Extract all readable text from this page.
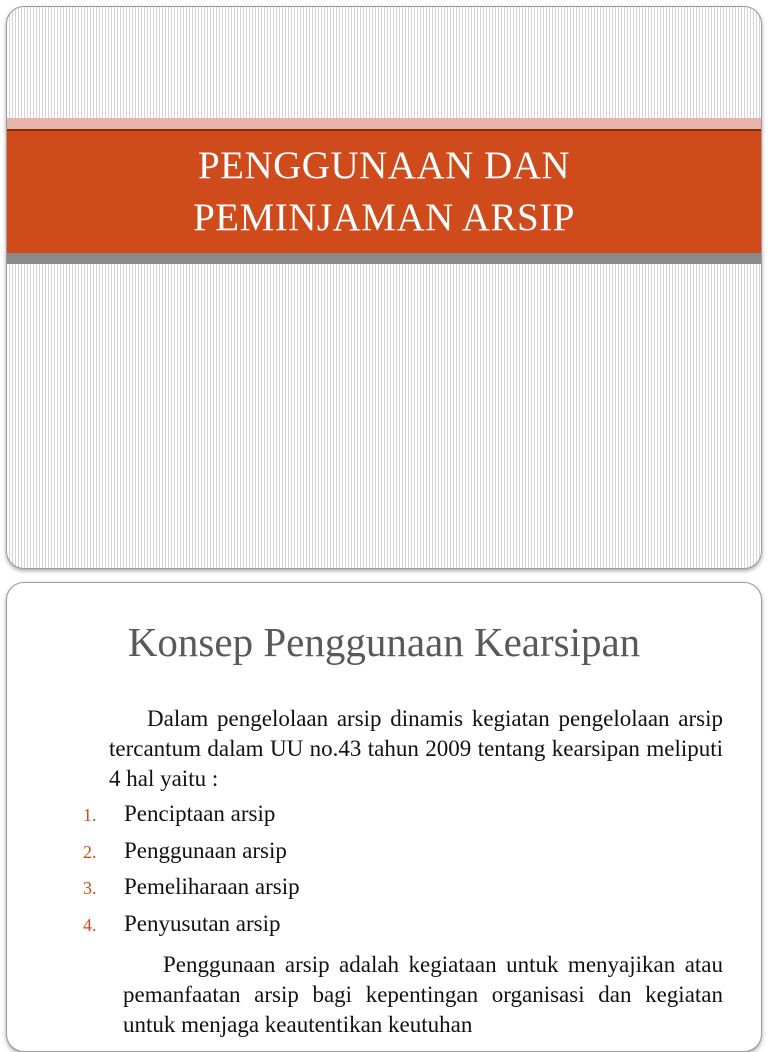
PENGGUNAAN DAN
PEMINJAMAN ARSIP
Konsep Penggunaan Kearsipan

Dalam pengelolaan arsip dinamis kegiatan pengelolaan arsip tercantum dalam UU no.43 tahun 2009 tentang kearsipan meliputi 4 hal yaitu :

1.	Penciptaan arsip
2.	Penggunaan arsip
3.	Pemeliharaan arsip
4.	Penyusutan arsip

Penggunaan arsip adalah kegiataan untuk menyajikan atau pemanfaatan arsip bagi kepentingan organisasi dan kegiatan untuk menjaga keautentikan keutuhan
